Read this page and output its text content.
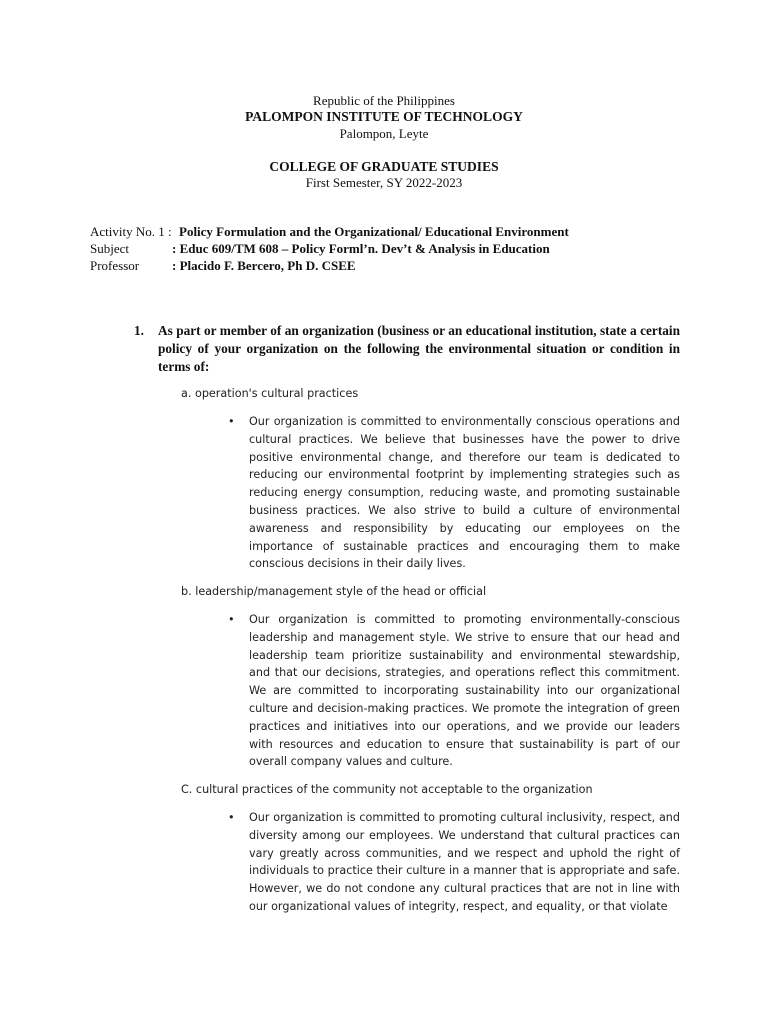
Republic of the Philippines
PALOMPON INSTITUTE OF TECHNOLOGY
Palompon, Leyte
COLLEGE OF GRADUATE STUDIES
First Semester, SY 2022-2023
Activity No. 1 : Policy Formulation and the Organizational/ Educational Environment
Subject	: Educ 609/TM 608 – Policy Forml’n. Dev’t & Analysis in Education
Professor	: Placido F. Bercero, Ph D. CSEE
1.	As part or member of an organization (business or an educational institution, state a certain policy of your organization on the following the environmental situation or condition in terms of:
a. operation's cultural practices
•	Our organization is committed to environmentally conscious operations and cultural practices. We believe that businesses have the power to drive positive environmental change, and therefore our team is dedicated to reducing our environmental footprint by implementing strategies such as reducing energy consumption, reducing waste, and promoting sustainable business practices. We also strive to build a culture of environmental awareness and responsibility by educating our employees on the importance of sustainable practices and encouraging them to make conscious decisions in their daily lives.
b. leadership/management style of the head or official
•	Our organization is committed to promoting environmentally-conscious leadership and management style. We strive to ensure that our head and leadership team prioritize sustainability and environmental stewardship, and that our decisions, strategies, and operations reflect this commitment. We are committed to incorporating sustainability into our organizational culture and decision-making practices. We promote the integration of green practices and initiatives into our operations, and we provide our leaders with resources and education to ensure that sustainability is part of our overall company values and culture.
C. cultural practices of the community not acceptable to the organization
•	Our organization is committed to promoting cultural inclusivity, respect, and diversity among our employees. We understand that cultural practices can vary greatly across communities, and we respect and uphold the right of individuals to practice their culture in a manner that is appropriate and safe. However, we do not condone any cultural practices that are not in line with our organizational values of integrity, respect, and equality, or that violate
